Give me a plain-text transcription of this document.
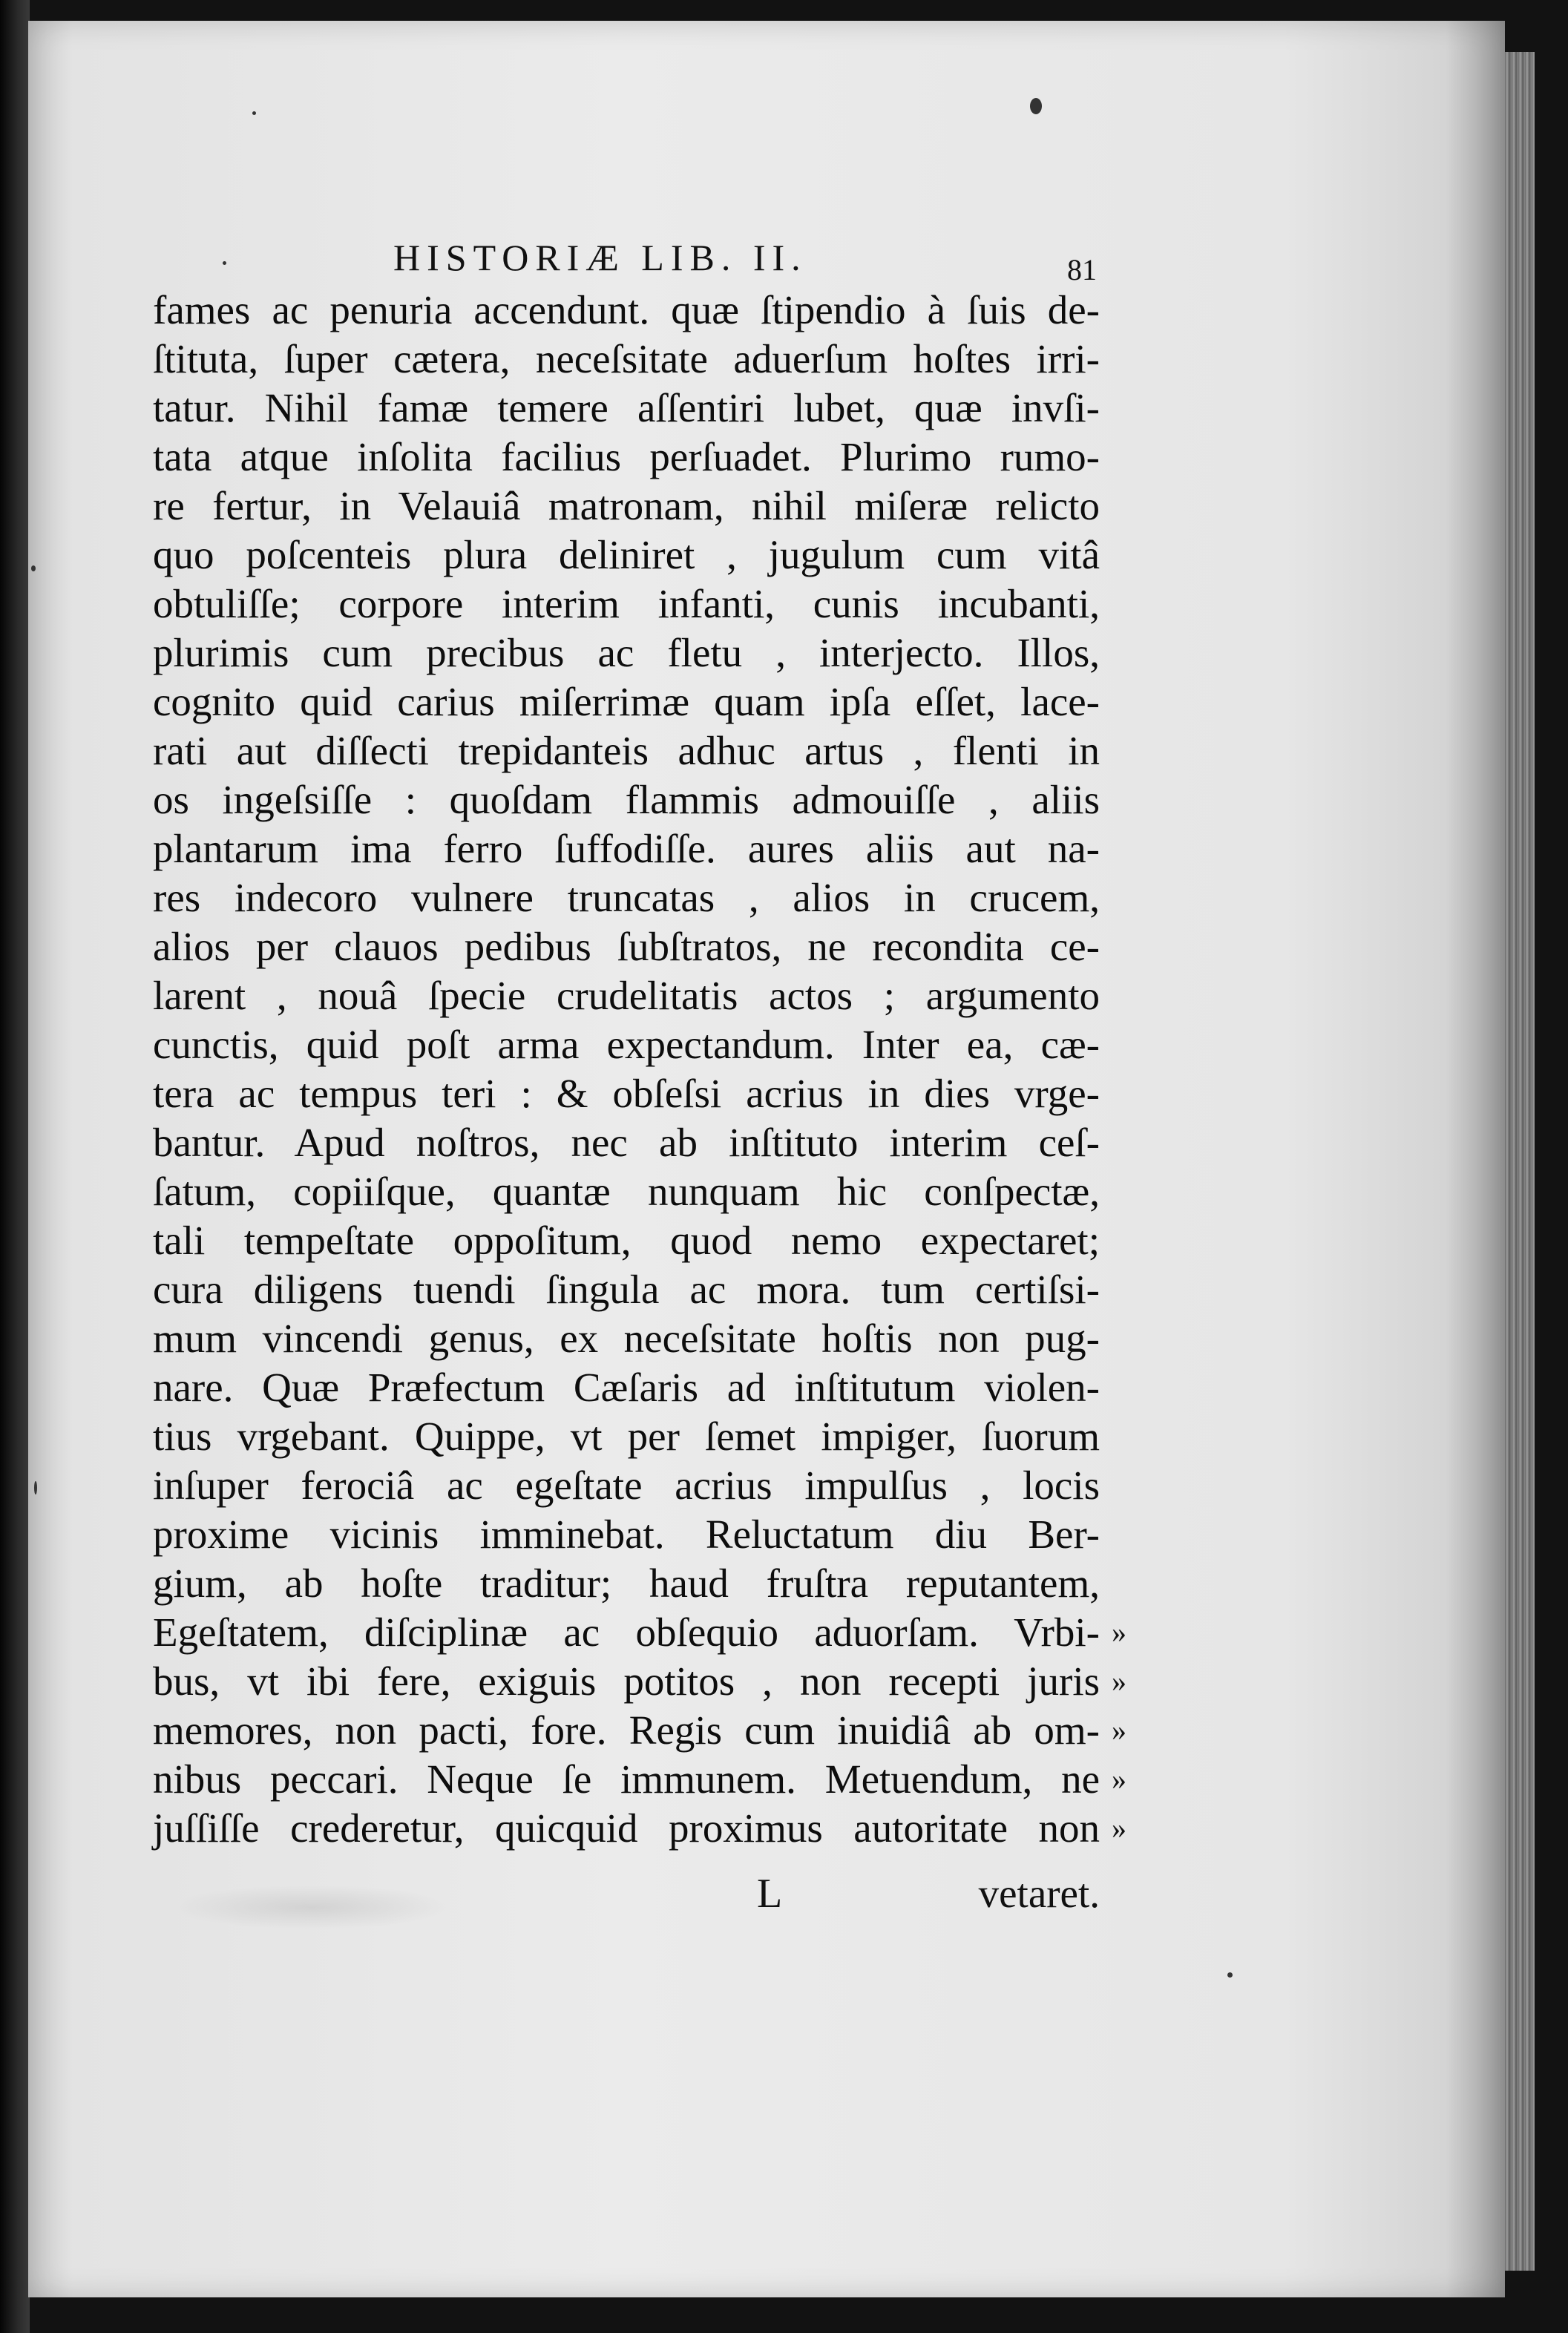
HISTORIÆ LIB. II.	81
fames ac penuria accendunt. quæ ſtipendio à ſuis de-
ſtituta, ſuper cætera, neceſsitate aduerſum hoſtes irri-
tatur. Nihil famæ temere aſſentiri lubet, quæ invſi-
tata atque inſolita facilius perſuadet. Plurimo rumo-
re fertur, in Velauiâ matronam, nihil miſeræ relicto
quo poſcenteis plura deliniret , jugulum cum vitâ
obtuliſſe; corpore interim infanti, cunis incubanti,
plurimis cum precibus ac fletu , interjecto. Illos,
cognito quid carius miſerrimæ quam ipſa eſſet, lace-
rati aut diſſecti trepidanteis adhuc artus , flenti in
os ingeſsiſſe : quoſdam flammis admouiſſe , aliis
plantarum ima ferro ſuffodiſſe. aures aliis aut na-
res indecoro vulnere truncatas , alios in crucem,
alios per clauos pedibus ſubſtratos, ne recondita ce-
larent , nouâ ſpecie crudelitatis actos ; argumento
cunctis, quid poſt arma expectandum. Inter ea, cæ-
tera ac tempus teri : & obſeſsi acrius in dies vrge-
bantur. Apud noſtros, nec ab inſtituto interim ceſ-
ſatum, copiiſque, quantæ nunquam hic conſpectæ,
tali tempeſtate oppoſitum, quod nemo expectaret;
cura diligens tuendi ſingula ac mora. tum certiſsi-
mum vincendi genus, ex neceſsitate hoſtis non pug-
nare. Quæ Præfectum Cæſaris ad inſtitutum violen-
tius vrgebant. Quippe, vt per ſemet impiger, ſuorum
inſuper ferociâ ac egeſtate acrius impulſus , locis
proxime vicinis imminebat. Reluctatum diu Ber-
gium, ab hoſte traditur; haud fruſtra reputantem,
Egeſtatem, diſciplinæ ac obſequio aduorſam. Vrbi- »
bus, vt ibi fere, exiguis potitos , non recepti juris »
memores, non pacti, fore. Regis cum inuidiâ ab om- »
nibus peccari. Neque ſe immunem. Metuendum, ne »
juſſiſſe crederetur, quicquid proximus autoritate non »
L	vetaret.
